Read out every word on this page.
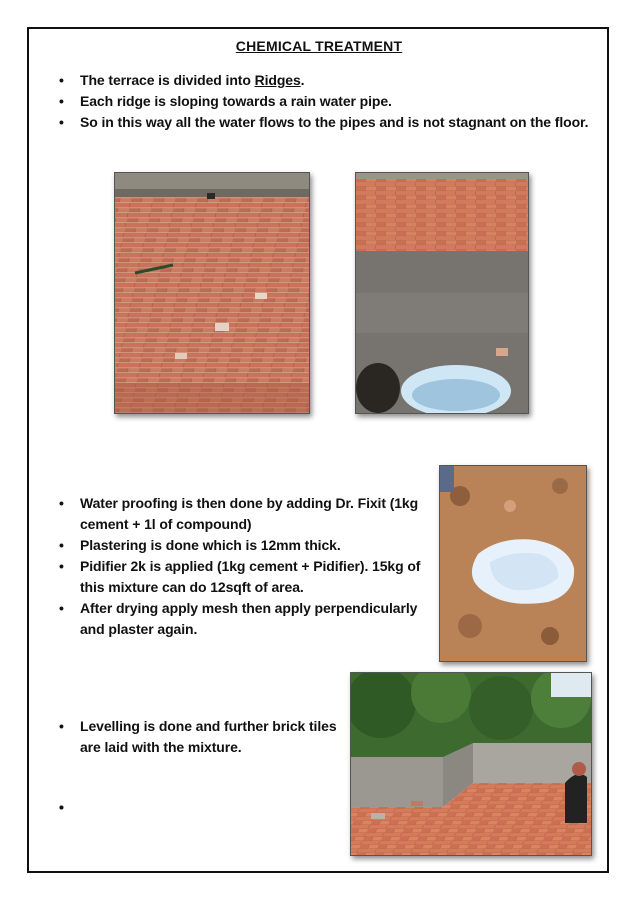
CHEMICAL TREATMENT
• The terrace is divided into Ridges.
• Each ridge is sloping towards a rain water pipe.
• So in this way all the water flows to the pipes and is not stagnant on the floor.
• Water proofing is then done by adding Dr. Fixit (1kg cement + 1l of compound)
• Plastering is done which is 12mm thick.
• Pidifier 2k is applied (1kg cement + Pidifier). 15kg of this mixture can do 12sqft of area.
• After drying apply mesh then apply perpendicularly and plaster again.
• Levelling is done and further brick tiles are laid with the mixture.
